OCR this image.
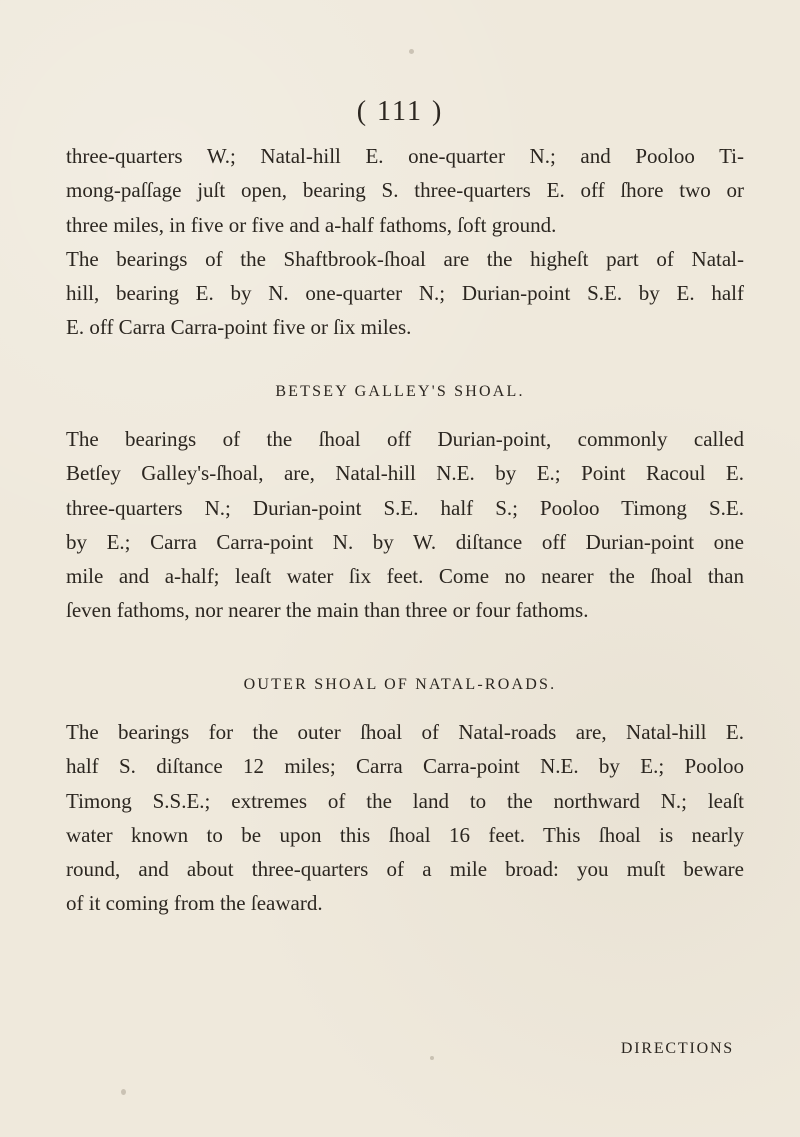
( 111 )
three-quarters W.; Natal-hill E. one-quarter N.; and Pooloo Ti-
mong-paſſage juſt open, bearing S. three-quarters E. off ſhore two or
three miles, in five or five and a-half fathoms, ſoft ground.
The bearings of the Shaftbrook-ſhoal are the higheſt part of Natal-
hill, bearing E. by N. one-quarter N.; Durian-point S.E. by E. half
E. off Carra Carra-point five or ſix miles.
BETSEY GALLEY'S SHOAL.
The bearings of the ſhoal off Durian-point, commonly called
Betſey Galley's-ſhoal, are, Natal-hill N.E. by E.; Point Racoul E.
three-quarters N.; Durian-point S.E. half S.; Pooloo Timong S.E.
by E.; Carra Carra-point N. by W. diſtance off Durian-point one
mile and a-half; leaſt water ſix feet. Come no nearer the ſhoal than
ſeven fathoms, nor nearer the main than three or four fathoms.
OUTER SHOAL OF NATAL-ROADS.
The bearings for the outer ſhoal of Natal-roads are, Natal-hill E.
half S. diſtance 12 miles; Carra Carra-point N.E. by E.; Pooloo
Timong S.S.E.; extremes of the land to the northward N.; leaſt
water known to be upon this ſhoal 16 feet. This ſhoal is nearly
round, and about three-quarters of a mile broad: you muſt beware
of it coming from the ſeaward.
DIRECTIONS
